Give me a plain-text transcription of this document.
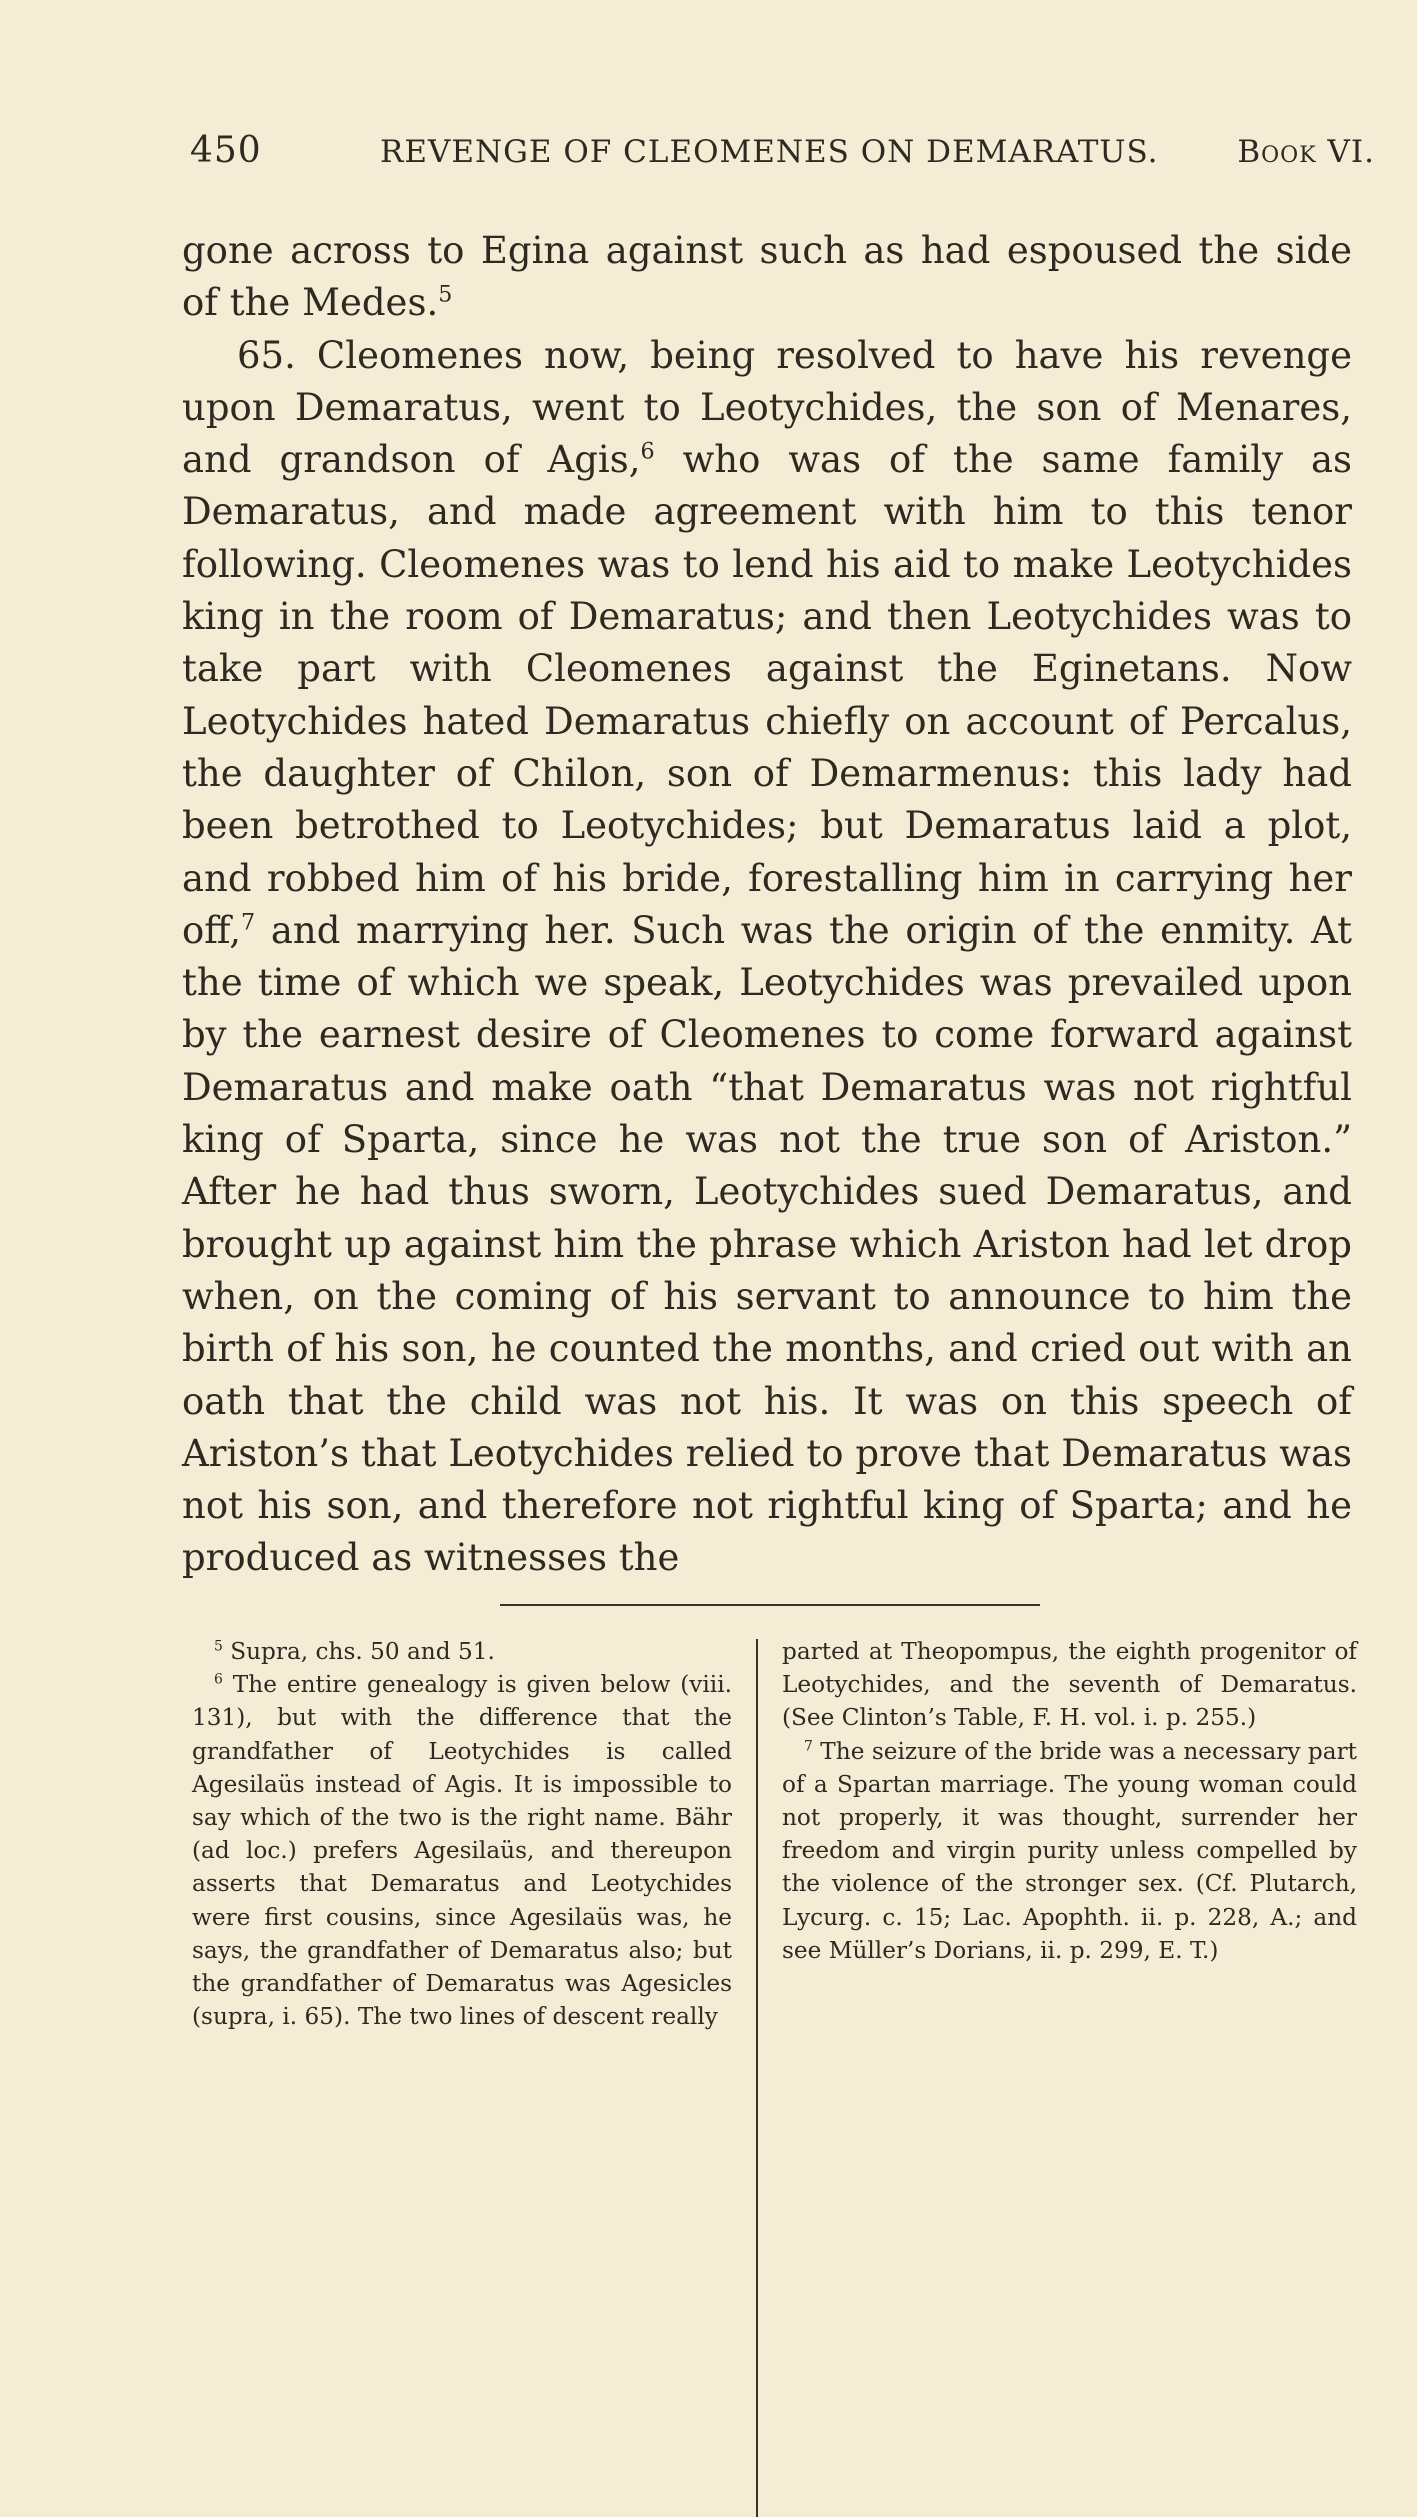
450	REVENGE OF CLEOMENES ON DEMARATUS.	Book VI.

gone across to Egina against such as had espoused the side of the Medes.$^5$

65. Cleomenes now, being resolved to have his revenge upon Demaratus, went to Leotychides, the son of Menares, and grandson of Agis,$^6$ who was of the same family as Demaratus, and made agreement with him to this tenor following. Cleomenes was to lend his aid to make Leotychides king in the room of Demaratus; and then Leotychides was to take part with Cleomenes against the Eginetans. Now Leotychides hated Demaratus chiefly on account of Percalus, the daughter of Chilon, son of Demarmenus: this lady had been betrothed to Leotychides; but Demaratus laid a plot, and robbed him of his bride, forestalling him in carrying her off,$^7$ and marrying her. Such was the origin of the enmity. At the time of which we speak, Leotychides was prevailed upon by the earnest desire of Cleomenes to come forward against Demaratus and make oath “that Demaratus was not rightful king of Sparta, since he was not the true son of Ariston.” After he had thus sworn, Leotychides sued Demaratus, and brought up against him the phrase which Ariston had let drop when, on the coming of his servant to announce to him the birth of his son, he counted the months, and cried out with an oath that the child was not his. It was on this speech of Ariston’s that Leotychides relied to prove that Demaratus was not his son, and therefore not rightful king of Sparta; and he produced as witnesses the

$^5$ Supra, chs. 50 and 51.

$^6$ The entire genealogy is given below (viii. 131), but with the difference that the grandfather of Leotychides is called Agesilaüs instead of Agis. It is impossible to say which of the two is the right name. Bähr (ad loc.) prefers Agesilaüs, and thereupon asserts that Demaratus and Leotychides were first cousins, since Agesilaüs was, he says, the grandfather of Demaratus also; but the grandfather of Demaratus was Agesicles (supra, i. 65). The two lines of descent really

parted at Theopompus, the eighth progenitor of Leotychides, and the seventh of Demaratus. (See Clinton’s Table, F. H. vol. i. p. 255.)

$^7$ The seizure of the bride was a necessary part of a Spartan marriage. The young woman could not properly, it was thought, surrender her freedom and virgin purity unless compelled by the violence of the stronger sex. (Cf. Plutarch, Lycurg. c. 15; Lac. Apophth. ii. p. 228, A.; and see Müller’s Dorians, ii. p. 299, E. T.)
